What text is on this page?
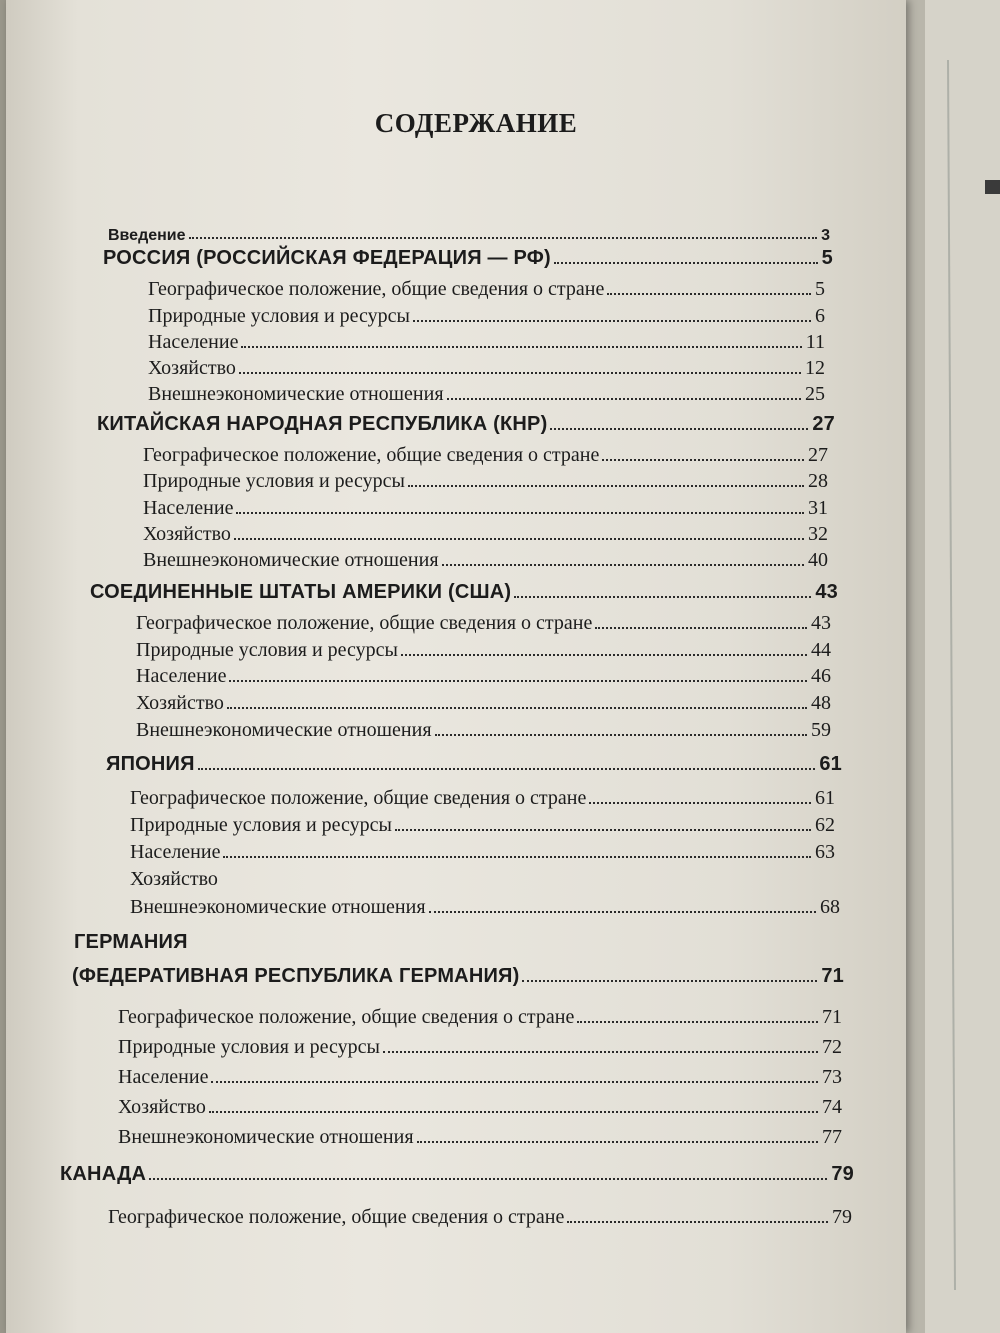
СОДЕРЖАНИЕ
Введение	3
РОССИЯ (РОССИЙСКАЯ ФЕДЕРАЦИЯ — РФ)	5
Географическое положение, общие сведения о стране	5
Природные условия и ресурсы	6
Население	11
Хозяйство	12
Внешнеэкономические отношения	25
КИТАЙСКАЯ НАРОДНАЯ РЕСПУБЛИКА (КНР)	27
Географическое положение, общие сведения о стране	27
Природные условия и ресурсы	28
Население	31
Хозяйство	32
Внешнеэкономические отношения	40
СОЕДИНЕННЫЕ ШТАТЫ АМЕРИКИ (США)	43
Географическое положение, общие сведения о стране	43
Природные условия и ресурсы	44
Население	46
Хозяйство	48
Внешнеэкономические отношения	59
ЯПОНИЯ	61
Географическое положение, общие сведения о стране	61
Природные условия и ресурсы	62
Население	63
Хозяйство
Внешнеэкономические отношения	68
ГЕРМАНИЯ
(ФЕДЕРАТИВНАЯ РЕСПУБЛИКА ГЕРМАНИЯ)	71
Географическое положение, общие сведения о стране	71
Природные условия и ресурсы	72
Население	73
Хозяйство	74
Внешнеэкономические отношения	77
КАНАДА	79
Географическое положение, общие сведения о стране	79
